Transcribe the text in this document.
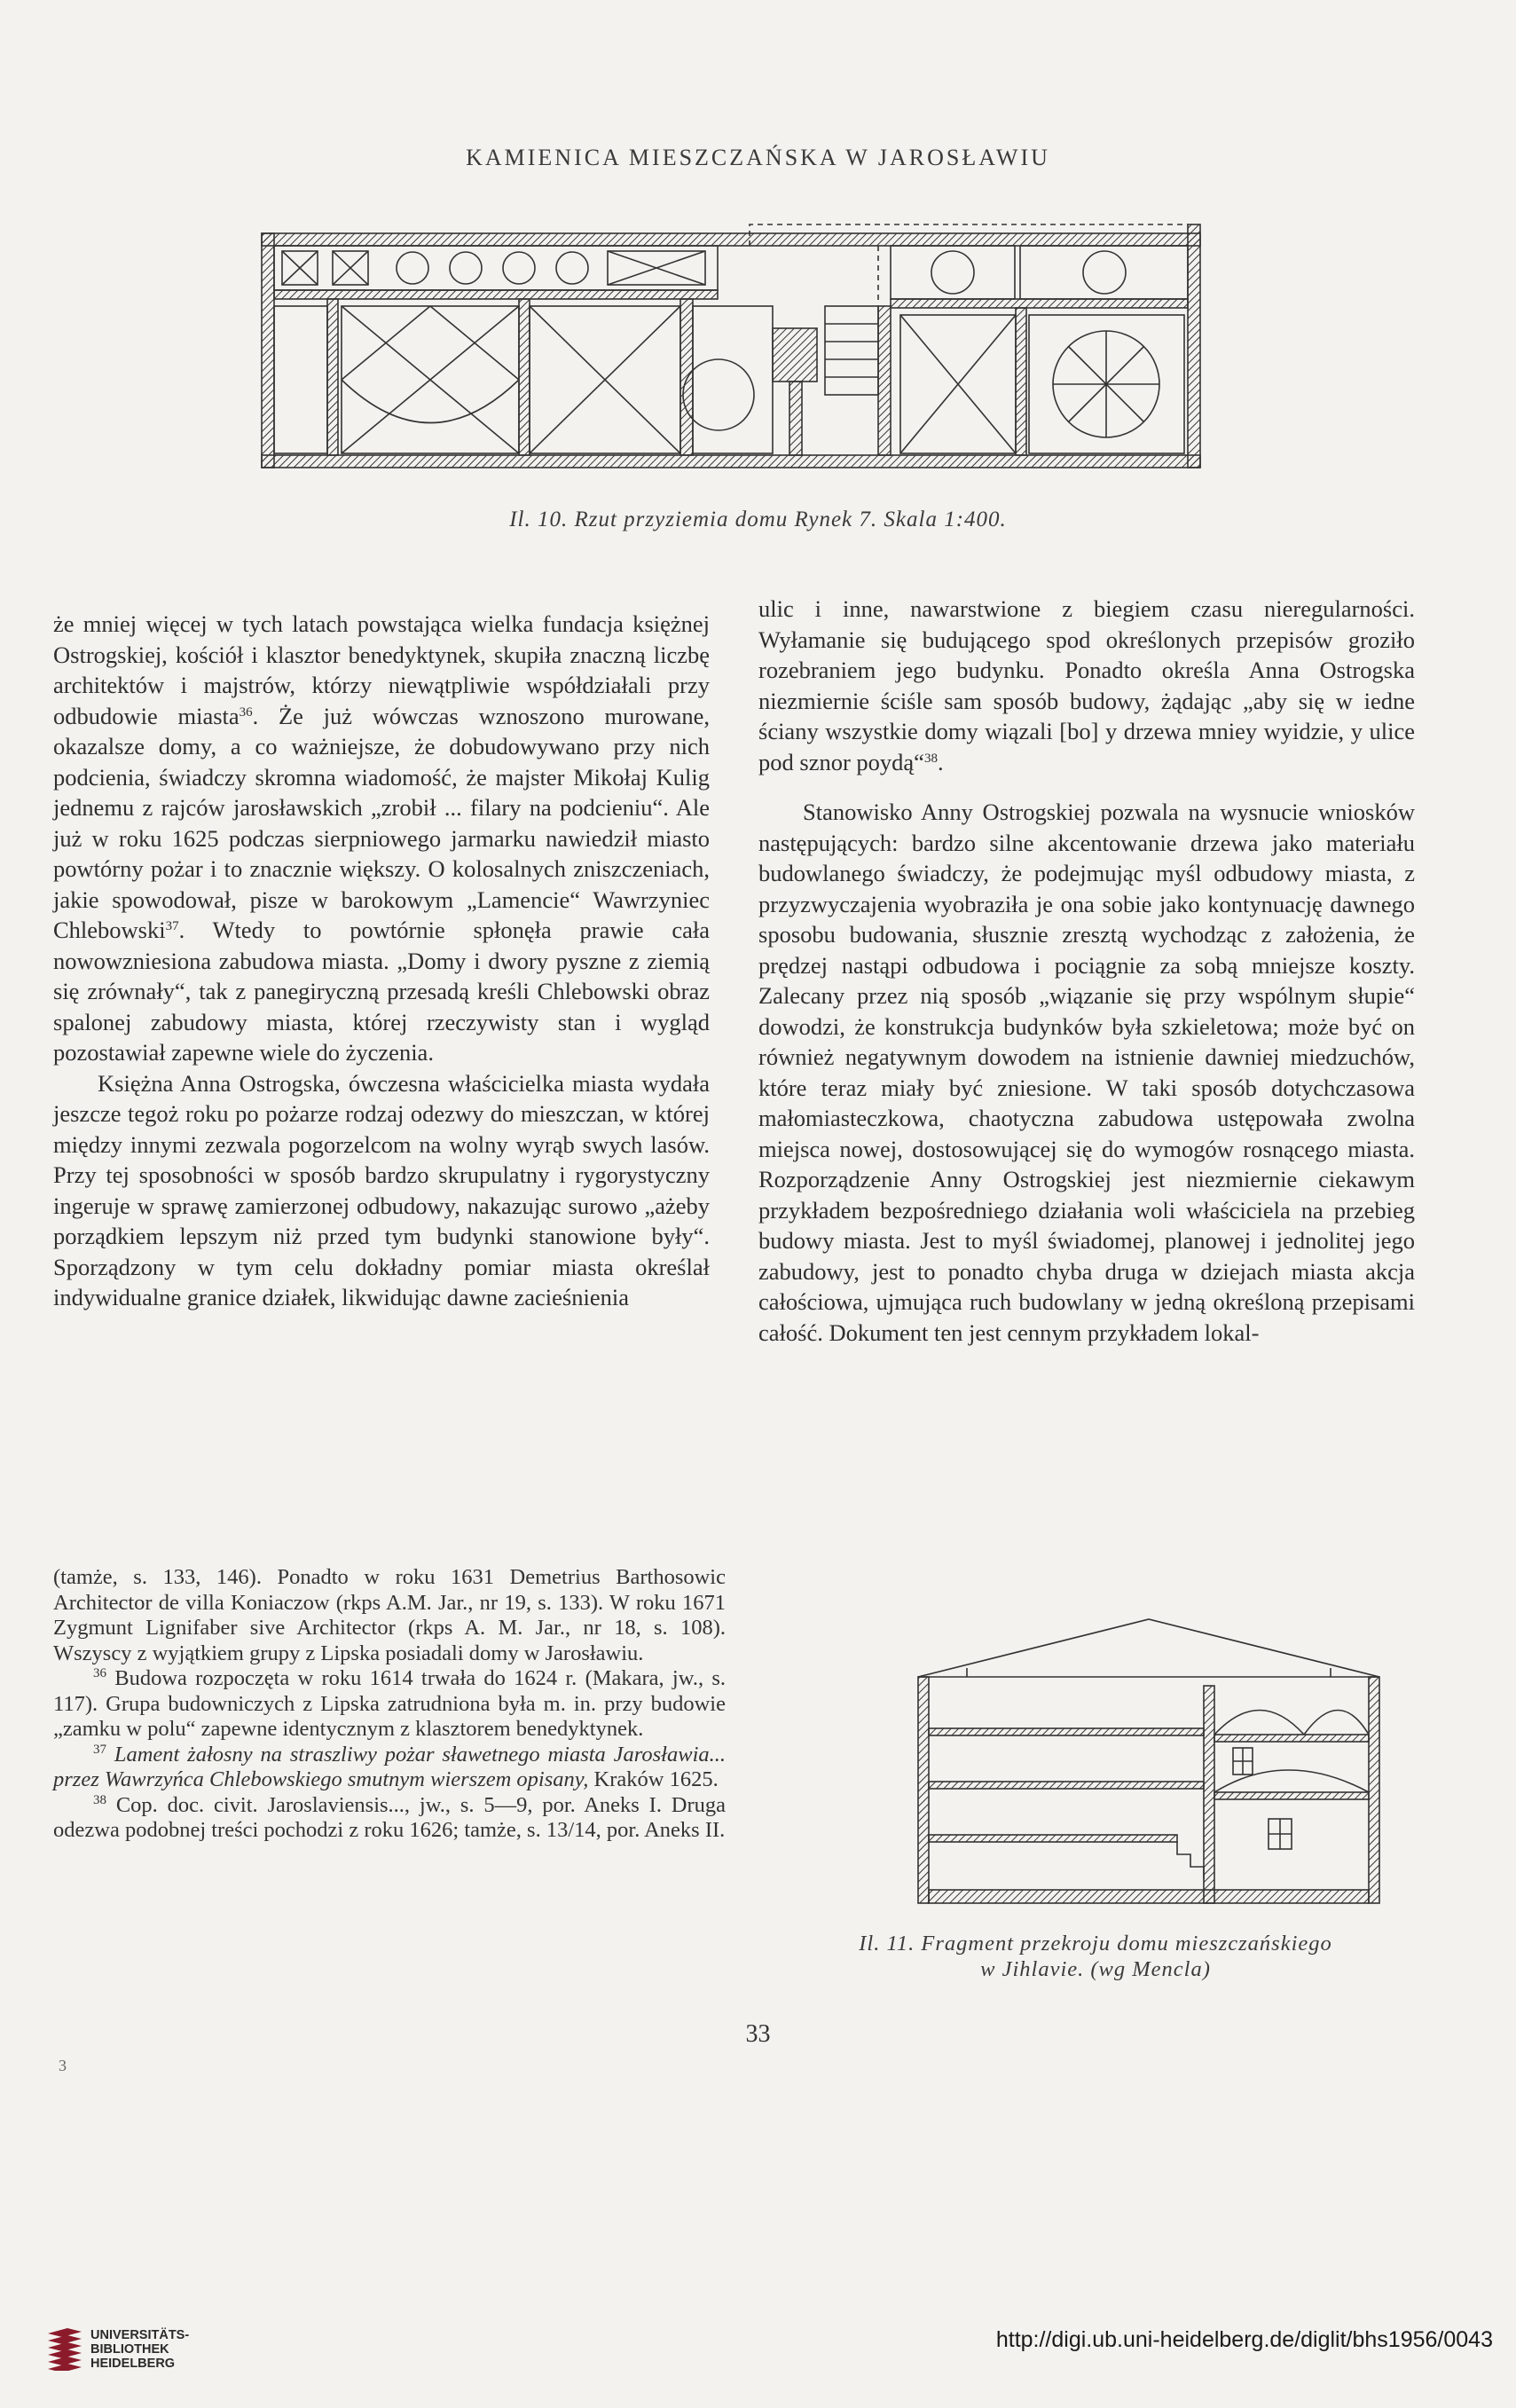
KAMIENICA MIESZCZAŃSKA W JAROSŁAWIU
Il. 10. Rzut przyziemia domu Rynek 7. Skala 1:400.

że mniej więcej w tych latach powstająca wielka fundacja księżnej Ostrogskiej, kościół i klasztor benedyktynek, skupiła znaczną liczbę architektów i majstrów, którzy niewątpliwie współdziałali przy odbudowie miasta$^{36}$. Że już wówczas wznoszono murowane, okazalsze domy, a co ważniejsze, że dobudowywano przy nich podcienia, świadczy skromna wiadomość, że majster Mikołaj Kulig jednemu z rajców jarosławskich „zrobił ... filary na podcieniu“. Ale już w roku 1625 podczas sierpniowego jarmarku nawiedził miasto powtórny pożar i to znacznie większy. O kolosalnych zniszczeniach, jakie spowodował, pisze w barokowym „Lamencie“ Wawrzyniec Chlebowski$^{37}$. Wtedy to powtórnie spłonęła prawie cała nowowzniesiona zabudowa miasta. „Domy i dwory pyszne z ziemią się zrównały“, tak z panegiryczną przesadą kreśli Chlebowski obraz spalonej zabudowy miasta, której rzeczywisty stan i wygląd pozostawiał zapewne wiele do życzenia.

Księżna Anna Ostrogska, ówczesna właścicielka miasta wydała jeszcze tegoż roku po pożarze rodzaj odezwy do mieszczan, w której między innymi zezwala pogorzelcom na wolny wyrąb swych lasów. Przy tej sposobności w sposób bardzo skrupulatny i rygorystyczny ingeruje w sprawę zamierzonej odbudowy, nakazując surowo „ażeby porządkiem lepszym niż przed tym budynki stanowione były“. Sporządzony w tym celu dokładny pomiar miasta określał indywidualne granice działek, likwidując dawne zacieśnienia

ulic i inne, nawarstwione z biegiem czasu nieregularności. Wyłamanie się budującego spod określonych przepisów groziło rozebraniem jego budynku. Ponadto określa Anna Ostrogska niezmiernie ściśle sam sposób budowy, żądając „aby się w iedne ściany wszystkie domy wiązali [bo] y drzewa mniey wyidzie, y ulice pod sznor poydą“$^{38}$.

Stanowisko Anny Ostrogskiej pozwala na wysnucie wniosków następujących: bardzo silne akcentowanie drzewa jako materiału budowlanego świadczy, że podejmując myśl odbudowy miasta, z przyzwyczajenia wyobraziła je ona sobie jako kontynuację dawnego sposobu budowania, słusznie zresztą wychodząc z założenia, że prędzej nastąpi odbudowa i pociągnie za sobą mniejsze koszty. Zalecany przez nią sposób „wiązanie się przy wspólnym słupie“ dowodzi, że konstrukcja budynków była szkieletowa; może być on również negatywnym dowodem na istnienie dawniej miedzuchów, które teraz miały być zniesione. W taki sposób dotychczasowa małomiasteczkowa, chaotyczna zabudowa ustępowała zwolna miejsca nowej, dostosowującej się do wymogów rosnącego miasta. Rozporządzenie Anny Ostrogskiej jest niezmiernie ciekawym przykładem bezpośredniego działania woli właściciela na przebieg budowy miasta. Jest to myśl świadomej, planowej i jednolitej jego zabudowy, jest to ponadto chyba druga w dziejach miasta akcja całościowa, ujmująca ruch budowlany w jedną określoną przepisami całość. Dokument ten jest cennym przykładem lokal-

(tamże, s. 133, 146). Ponadto w roku 1631 Demetrius Barthosowic Architector de villa Koniaczow (rkps A.M. Jar., nr 19, s. 133). W roku 1671 Zygmunt Lignifaber sive Architector (rkps A. M. Jar., nr 18, s. 108). Wszyscy z wyjątkiem grupy z Lipska posiadali domy w Jarosławiu.

$^{36}$ Budowa rozpoczęta w roku 1614 trwała do 1624 r. (Makara, jw., s. 117). Grupa budowniczych z Lipska zatrudniona była m. in. przy budowie „zamku w polu“ zapewne identycznym z klasztorem benedyktynek.

$^{37}$ Lament żałosny na straszliwy pożar sławetnego miasta Jarosławia... przez Wawrzyńca Chlebowskiego smutnym wierszem opisany, Kraków 1625.

$^{38}$ Cop. doc. civit. Jaroslaviensis..., jw., s. 5—9, por. Aneks I. Druga odezwa podobnej treści pochodzi z roku 1626; tamże, s. 13/14, por. Aneks II.

Il. 11. Fragment przekroju domu mieszczańskiego
w Jihlavie. (wg Mencla)
33
3
UNIVERSITÄTS-
BIBLIOTHEK
HEIDELBERG
http://digi.ub.uni-heidelberg.de/diglit/bhs1956/0043
